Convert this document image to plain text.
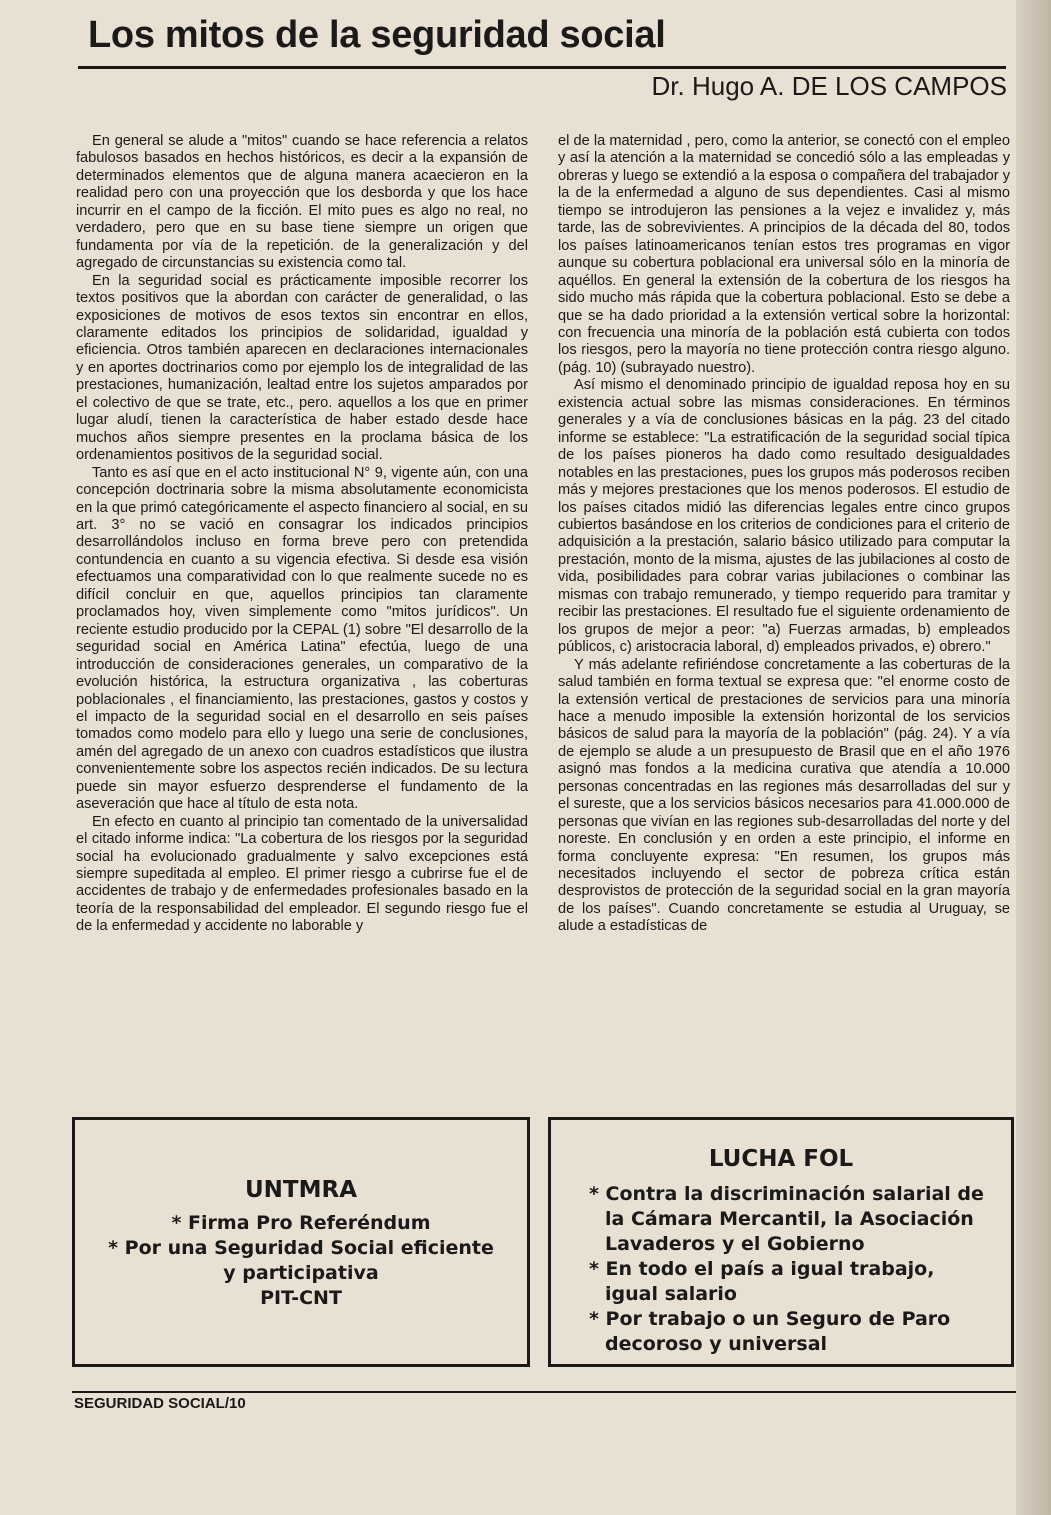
Los mitos de la seguridad social
Dr. Hugo A. DE LOS CAMPOS

En general se alude a "mitos" cuando se hace referencia a relatos fabulosos basados en hechos históricos, es decir a la expansión de determinados elementos que de alguna manera acaecieron en la realidad pero con una proyección que los desborda y que los hace incurrir en el campo de la ficción. El mito pues es algo no real, no verdadero, pero que en su base tiene siempre un origen que fundamenta por vía de la repetición. de la generalización y del agregado de circunstancias su existencia como tal.

En la seguridad social es prácticamente imposible recorrer los textos positivos que la abordan con carácter de generalidad, o las exposiciones de motivos de esos textos sin encontrar en ellos, claramente editados los principios de solidaridad, igualdad y eficiencia. Otros también aparecen en declaraciones internacionales y en aportes doctrinarios como por ejemplo los de integralidad de las prestaciones, humanización, lealtad entre los sujetos amparados por el colectivo de que se trate, etc., pero. aquellos a los que en primer lugar aludí, tienen la característica de haber estado desde hace muchos años siempre presentes en la proclama básica de los ordenamientos positivos de la seguridad social.

Tanto es así que en el acto institucional N° 9, vigente aún, con una concepción doctrinaria sobre la misma absolutamente economicista en la que primó categóricamente el aspecto financiero al social, en su art. 3° no se vació en consagrar los indicados principios desarrollándolos incluso en forma breve pero con pretendida contundencia en cuanto a su vigencia efectiva. Si desde esa visión efectuamos una comparatividad con lo que realmente sucede no es difícil concluir en que, aquellos principios tan claramente proclamados hoy, viven simplemente como "mitos jurídicos". Un reciente estudio producido por la CEPAL (1) sobre "El desarrollo de la seguridad social en América Latina" efectúa, luego de una introducción de consideraciones generales, un comparativo de la evolución histórica, la estructura organizativa , las coberturas poblacionales , el financiamiento, las prestaciones, gastos y costos y el impacto de la seguridad social en el desarrollo en seis países tomados como modelo para ello y luego una serie de conclusiones, amén del agregado de un anexo con cuadros estadísticos que ilustra convenientemente sobre los aspectos recién indicados. De su lectura puede sin mayor esfuerzo desprenderse el fundamento de la aseveración que hace al título de esta nota.

En efecto en cuanto al principio tan comentado de la universalidad el citado informe indica: "La cobertura de los riesgos por la seguridad social ha evolucionado gradualmente y salvo excepciones está siempre supeditada al empleo. El primer riesgo a cubrirse fue el de accidentes de trabajo y de enfermedades profesionales basado en la teoría de la responsabilidad del empleador. El segundo riesgo fue el de la enfermedad y accidente no laborable y

el de la maternidad , pero, como la anterior, se conectó con el empleo y así la atención a la maternidad se concedió sólo a las empleadas y obreras y luego se extendió a la esposa o compañera del trabajador y la de la enfermedad a alguno de sus dependientes. Casi al mismo tiempo se introdujeron las pensiones a la vejez e invalidez y, más tarde, las de sobrevivientes. A principios de la década del 80, todos los países latinoamericanos tenían estos tres programas en vigor aunque su cobertura poblacional era universal sólo en la minoría de aquéllos. En general la extensión de la cobertura de los riesgos ha sido mucho más rápida que la cobertura poblacional. Esto se debe a que se ha dado prioridad a la extensión vertical sobre la horizontal: con frecuencia una minoría de la población está cubierta con todos los riesgos, pero la mayoría no tiene protección contra riesgo alguno. (pág. 10) (subrayado nuestro).

Así mismo el denominado principio de igualdad reposa hoy en su existencia actual sobre las mismas consideraciones. En términos generales y a vía de conclusiones básicas en la pág. 23 del citado informe se establece: "La estratificación de la seguridad social típica de los países pioneros ha dado como resultado desigualdades notables en las prestaciones, pues los grupos más poderosos reciben más y mejores prestaciones que los menos poderosos. El estudio de los países citados midió las diferencias legales entre cinco grupos cubiertos basándose en los criterios de condiciones para el criterio de adquisición a la prestación, salario básico utilizado para computar la prestación, monto de la misma, ajustes de las jubilaciones al costo de vida, posibilidades para cobrar varias jubilaciones o combinar las mismas con trabajo remunerado, y tiempo requerido para tramitar y recibir las prestaciones. El resultado fue el siguiente ordenamiento de los grupos de mejor a peor: "a) Fuerzas armadas, b) empleados públicos, c) aristocracia laboral, d) empleados privados, e) obrero."

Y más adelante refiriéndose concretamente a las coberturas de la salud también en forma textual se expresa que: "el enorme costo de la extensión vertical de prestaciones de servicios para una minoría hace a menudo imposible la extensión horizontal de los servicios básicos de salud para la mayoría de la población" (pág. 24). Y a vía de ejemplo se alude a un presupuesto de Brasil que en el año 1976 asignó mas fondos a la medicina curativa que atendía a 10.000 personas concentradas en las regiones más desarrolladas del sur y el sureste, que a los servicios básicos necesarios para 41.000.000 de personas que vivían en las regiones sub-desarrolladas del norte y del noreste. En conclusión y en orden a este principio, el informe en forma concluyente expresa: "En resumen, los grupos más necesitados incluyendo el sector de pobreza crítica están desprovistos de protección de la seguridad social en la gran mayoría de los países". Cuando concretamente se estudia al Uruguay, se alude a estadísticas de

UNTMRA
* Firma Pro Referéndum
* Por una Seguridad Social eficiente
y participativa
PIT-CNT
LUCHA FOL
* Contra la discriminación salarial de la Cámara Mercantil, la Asociación Lavaderos y el Gobierno
* En todo el país a igual trabajo, igual salario
* Por trabajo o un Seguro de Paro decoroso y universal
SEGURIDAD SOCIAL/10
